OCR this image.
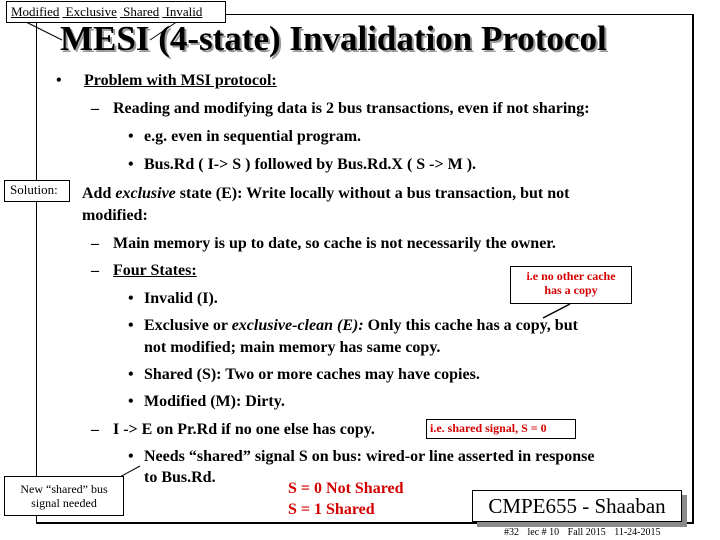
Modified Exclusive Shared Invalid
MESI (4-state) Invalidation Protocol
• Problem with MSI protocol:
– Reading and modifying data is 2 bus transactions, even if not sharing:
• e.g. even in sequential program.
• Bus.Rd ( I-> S ) followed by Bus.Rd.X ( S -> M ).
Solution:	Add exclusive state (E): Write locally without a bus transaction, but not
modified:
– Main memory is up to date, so cache is not necessarily the owner.
– Four States:	i.e no other cache
has a copy
• Invalid (I).
• Exclusive or exclusive-clean (E): Only this cache has a copy, but
not modified; main memory has same copy.
• Shared (S): Two or more caches may have copies.
• Modified (M): Dirty.
– I -> E on Pr.Rd if no one else has copy.	i.e. shared signal, S = 0
• Needs “shared” signal S on bus: wired-or line asserted in response
to Bus.Rd.
S = 0 Not Shared
S = 1 Shared
New “shared” bus
signal needed	CMPE655 - Shaaban
#32 lec # 10 Fall 2015 11-24-2015
